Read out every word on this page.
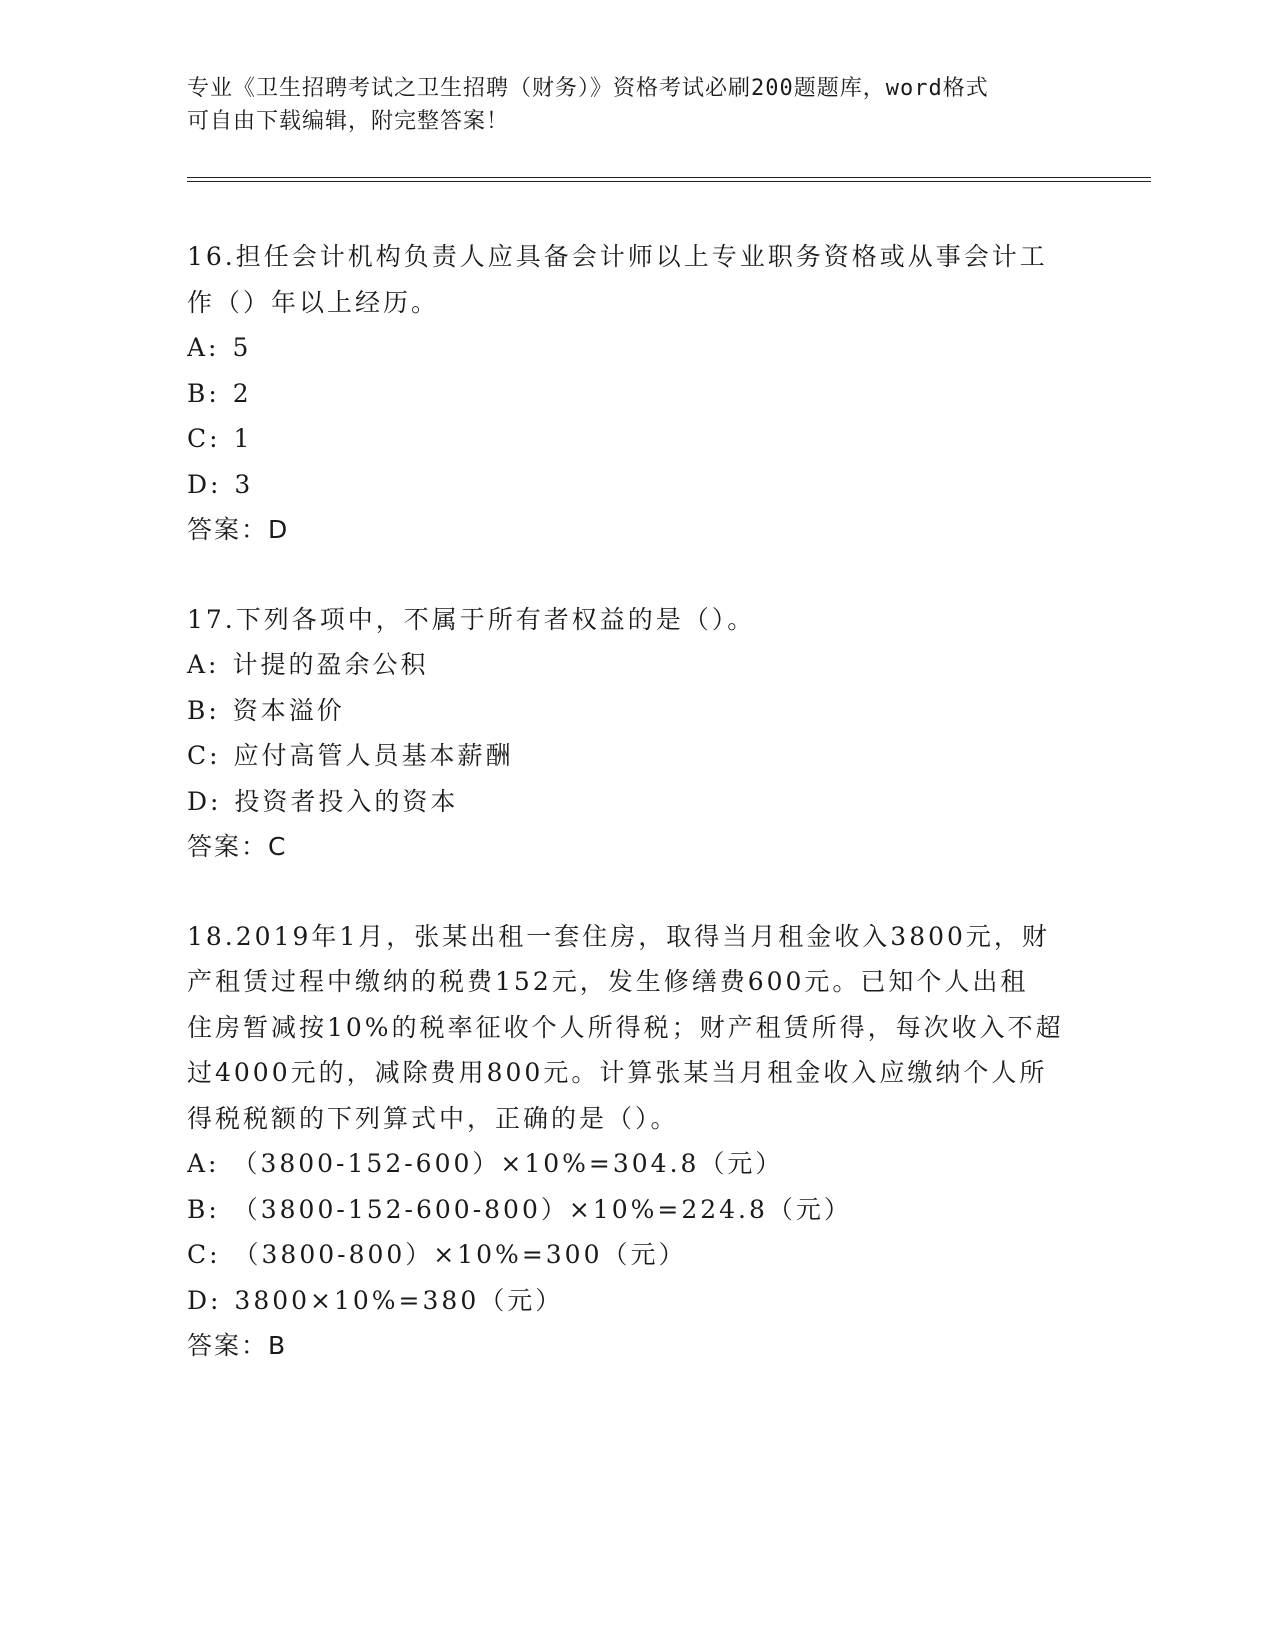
专业《卫生招聘考试之卫生招聘（财务）》资格考试必刷200题题库，word格式
可自由下载编辑，附完整答案！
16.担任会计机构负责人应具备会计师以上专业职务资格或从事会计工
作（）年以上经历。
A: 5
B: 2
C: 1
D: 3
答案：D
17.下列各项中，不属于所有者权益的是（）。
A: 计提的盈余公积
B: 资本溢价
C: 应付高管人员基本薪酬
D: 投资者投入的资本
答案：C
18.2019年1月，张某出租一套住房，取得当月租金收入3800元，财
产租赁过程中缴纳的税费152元，发生修缮费600元。已知个人出租
住房暂减按10%的税率征收个人所得税；财产租赁所得，每次收入不超
过4000元的，减除费用800元。计算张某当月租金收入应缴纳个人所
得税税额的下列算式中，正确的是（）。
A: （3800-152-600）×10%=304.8（元）
B: （3800-152-600-800）×10%=224.8（元）
C: （3800-800）×10%=300（元）
D: 3800×10%=380（元）
答案：B
